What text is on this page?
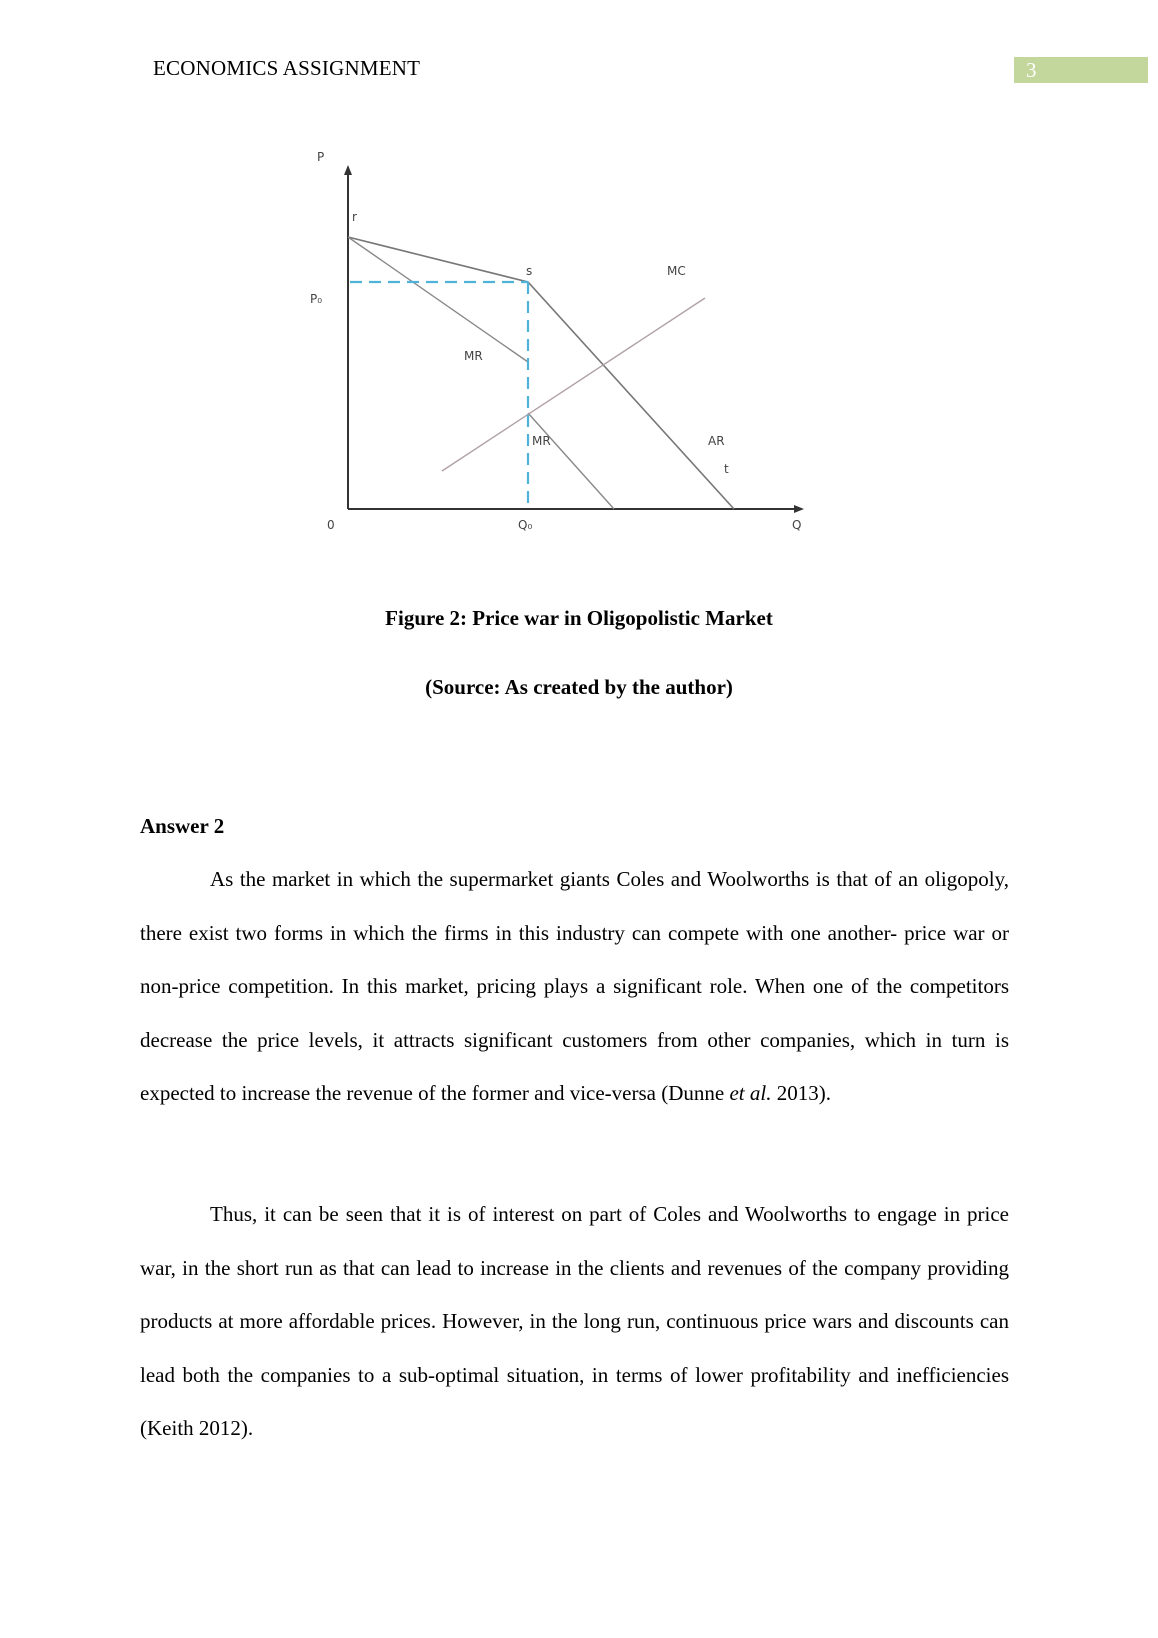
ECONOMICS ASSIGNMENT	3
P
r
s	MC
P₀
MR
MR	AR
t
0	Q₀	Q
Figure 2: Price war in Oligopolistic Market
(Source: As created by the author)
Answer 2

As the market in which the supermarket giants Coles and Woolworths is that of an oligopoly, there exist two forms in which the firms in this industry can compete with one another- price war or non-price competition. In this market, pricing plays a significant role. When one of the competitors decrease the price levels, it attracts significant customers from other companies, which in turn is expected to increase the revenue of the former and vice-versa (Dunne et al. 2013).

Thus, it can be seen that it is of interest on part of Coles and Woolworths to engage in price war, in the short run as that can lead to increase in the clients and revenues of the company providing products at more affordable prices. However, in the long run, continuous price wars and discounts can lead both the companies to a sub-optimal situation, in terms of lower profitability and inefficiencies (Keith 2012).
